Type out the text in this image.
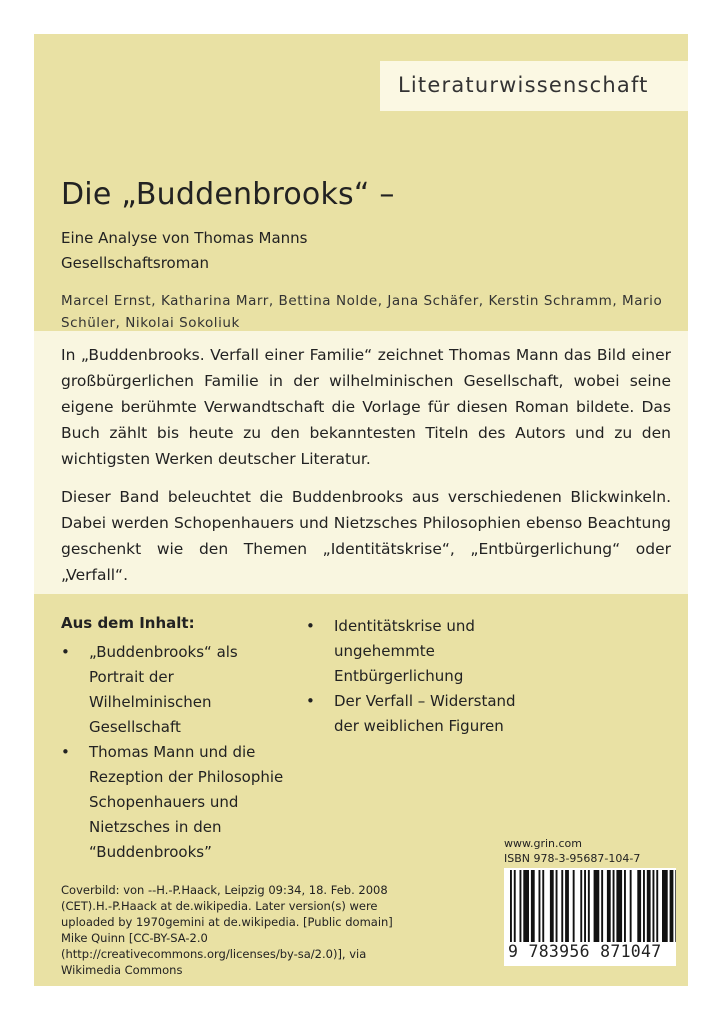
Literaturwissenschaft
Die „Buddenbrooks“ –
Eine Analyse von Thomas Manns
Gesellschaftsroman
Marcel Ernst, Katharina Marr, Bettina Nolde, Jana Schäfer, Kerstin Schramm, Mario Schüler, Nikolai Sokoliuk

In „Buddenbrooks. Verfall einer Familie“ zeichnet Thomas Mann das Bild einer großbürgerlichen Familie in der wilhelminischen Gesellschaft, wobei seine eigene berühmte Verwandtschaft die Vorlage für diesen Roman bildete. Das Buch zählt bis heute zu den bekanntesten Titeln des Autors und zu den wichtigsten Werken deutscher Literatur.

Dieser Band beleuchtet die Buddenbrooks aus verschiedenen Blickwinkeln. Dabei werden Schopenhauers und Nietzsches Philosophien ebenso Beachtung geschenkt wie den Themen „Identitätskrise“, „Entbürgerlichung“ oder „Verfall“.

Aus dem Inhalt:
•	„Buddenbrooks“ als Portrait der Wilhelminischen Gesellschaft
•	Thomas Mann und die Rezeption der Philosophie Schopenhauers und Nietzsches in den “Buddenbrooks”
•	Identitätskrise und ungehemmte Entbürgerlichung
•	Der Verfall – Widerstand der weiblichen Figuren
www.grin.com
ISBN 978-3-95687-104-7
9 783956 871047

Coverbild: von --H.-P.Haack, Leipzig 09:34, 18. Feb. 2008 (CET).H.-P.Haack at de.wikipedia. Later version(s) were uploaded by 1970gemini at de.wikipedia. [Public domain]

Mike Quinn [CC-BY-SA-2.0 (http://creativecommons.org/licenses/by-sa/2.0)], via Wikimedia Commons
